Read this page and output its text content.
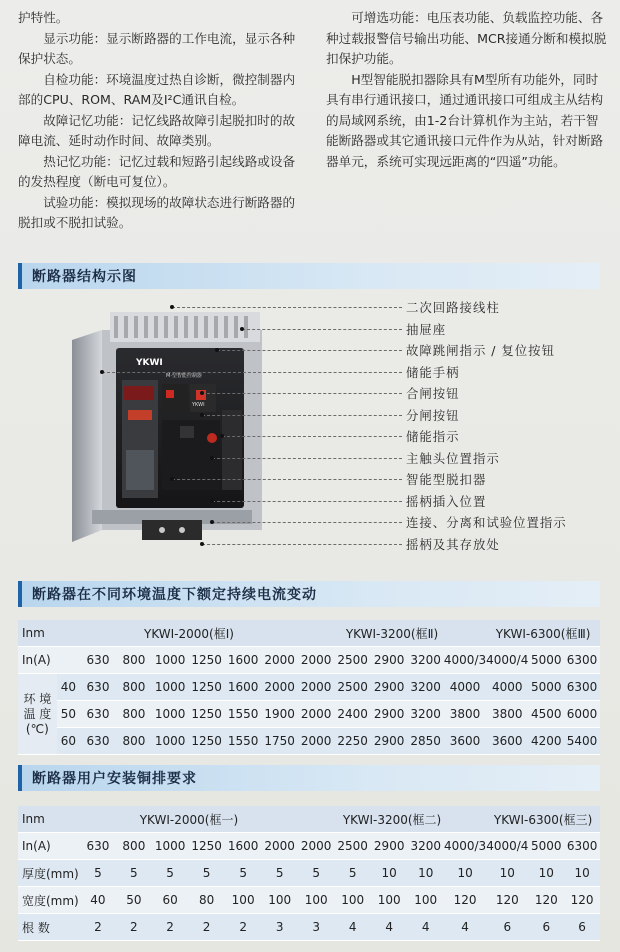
护特性。

显示功能：显示断路器的工作电流，显示各种保护状态。

自检功能：环境温度过热自诊断，微控制器内部的CPU、ROM、RAM及I²C通讯自检。

故障记忆功能：记忆线路故障引起脱扣时的故障电流、延时动作时间、故障类别。

热记忆功能：记忆过载和短路引起线路或设备的发热程度（断电可复位）。

试验功能：模拟现场的故障状态进行断路器的脱扣或不脱扣试验。

可增选功能：电压表功能、负载监控功能、各种过载报警信号输出功能、MCR接通分断和模拟脱扣保护功能。

H型智能脱扣器除具有M型所有功能外，同时具有串行通讯接口，通过通讯接口可组成主从结构的局域网系统，由1-2台计算机作为主站，若干智能断路器或其它通讯接口元件作为从站，针对断路器单元，系统可实现远距离的“四遥”功能。

断路器结构示图
YKWI
M·型智能控制器
YKWI
二次回路接线柱
抽屉座
故障跳闸指示 / 复位按钮
储能手柄
合闸按钮
分闸按钮
储能指示
主触头位置指示
智能型脱扣器
摇柄插入位置
连接、分离和试验位置指示
摇柄及其存放处
断路器在不同环境温度下额定持续电流变动
Inm		YKWI-2000(框Ⅰ)						YKWI-3200(框Ⅱ)					YKWI-6300(框Ⅲ)		
In(A)		630	800	1000	1250	1600	2000	2000	2500	2900	3200	4000/3	4000/4	5000	6300

环 境
温 度
(℃)	40	630	800	1000	1250	1600	2000	2000	2500	2900	3200	4000	4000	5000	6300
	50	630	800	1000	1250	1550	1900	2000	2400	2900	3200	3800	3800	4500	6000
	60	630	800	1000	1250	1550	1750	2000	2250	2900	2850	3600	3600	4200	5400
断路器用户安装铜排要求
Inm	YKWI-2000(框一)						YKWI-3200(框二)					YKWI-6300(框三)		
In(A)	630	800	1000	1250	1600	2000	2000	2500	2900	3200	4000/3	4000/4	5000	6300
厚度(mm)	5	5	5	5	5	5	5	5	10	10	10	10	10	10
宽度(mm)	40	50	60	80	100	100	100	100	100	100	120	120	120	120
根 数	2	2	2	2	2	3	3	4	4	4	4	6	6	6
